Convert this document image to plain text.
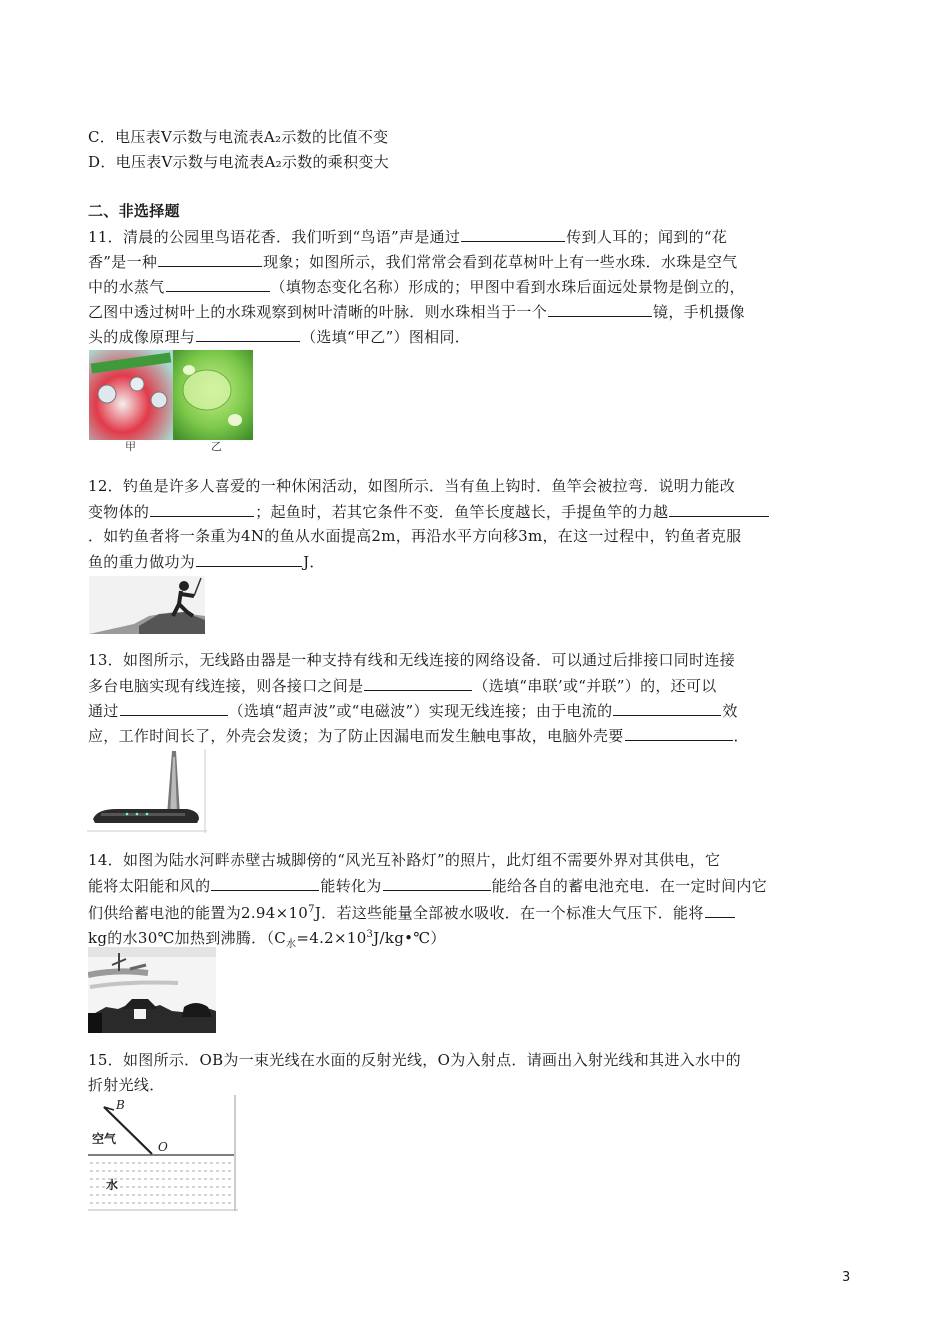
C．电压表V示数与电流表A₂示数的比值不变
D．电压表V示数与电流表A₂示数的乘积变大
二、非选择题
11．清晨的公园里鸟语花香．我们听到“鸟语”声是通过	传到人耳的；闻到的“花
香”是一种	现象；如图所示，我们常常会看到花草树叶上有一些水珠．水珠是空气
中的水蒸气	（填物态变化名称）形成的；甲图中看到水珠后面远处景物是倒立的，
乙图中透过树叶上的水珠观察到树叶清晰的叶脉．则水珠相当于一个	镜，手机摄像
头的成像原理与	（选填“甲乙”）图相同．
甲	乙
12．钓鱼是许多人喜爱的一种休闲活动，如图所示．当有鱼上钩时．鱼竿会被拉弯．说明力能改
变物体的	；起鱼时，若其它条件不变．鱼竿长度越长，手提鱼竿的力越
．如钓鱼者将一条重为4N的鱼从水面提高2m，再沿水平方向移3m，在这一过程中，钓鱼者克服
鱼的重力做功为	J．
13．如图所示，无线路由器是一种支持有线和无线连接的网络设备．可以通过后排接口同时连接
多台电脑实现有线连接，则各接口之间是	（选填“串联’或“并联”）的，还可以
通过	（选填“超声波”或“电磁波”）实现无线连接；由于电流的	效
应，工作时间长了，外壳会发烫；为了防止因漏电而发生触电事故，电脑外壳要	．
14．如图为陆水河畔赤壁古城脚傍的“风光互补路灯”的照片，此灯组不需要外界对其供电，它
能将太阳能和风的	能转化为	能给各自的蓄电池充电．在一定时间内它
们供给蓄电池的能置为$2.94\times 10^7J$．若这些能量全部被水吸收．在一个标准大气压下．能将
kg的水30℃加热到沸腾．$(C_水=4.2\times 10^3J/kg•℃)$
15．如图所示．OB为一束光线在水面的反射光线，O为入射点．请画出入射光线和其进入水中的
折射光线．
B
O
空气
水
3
